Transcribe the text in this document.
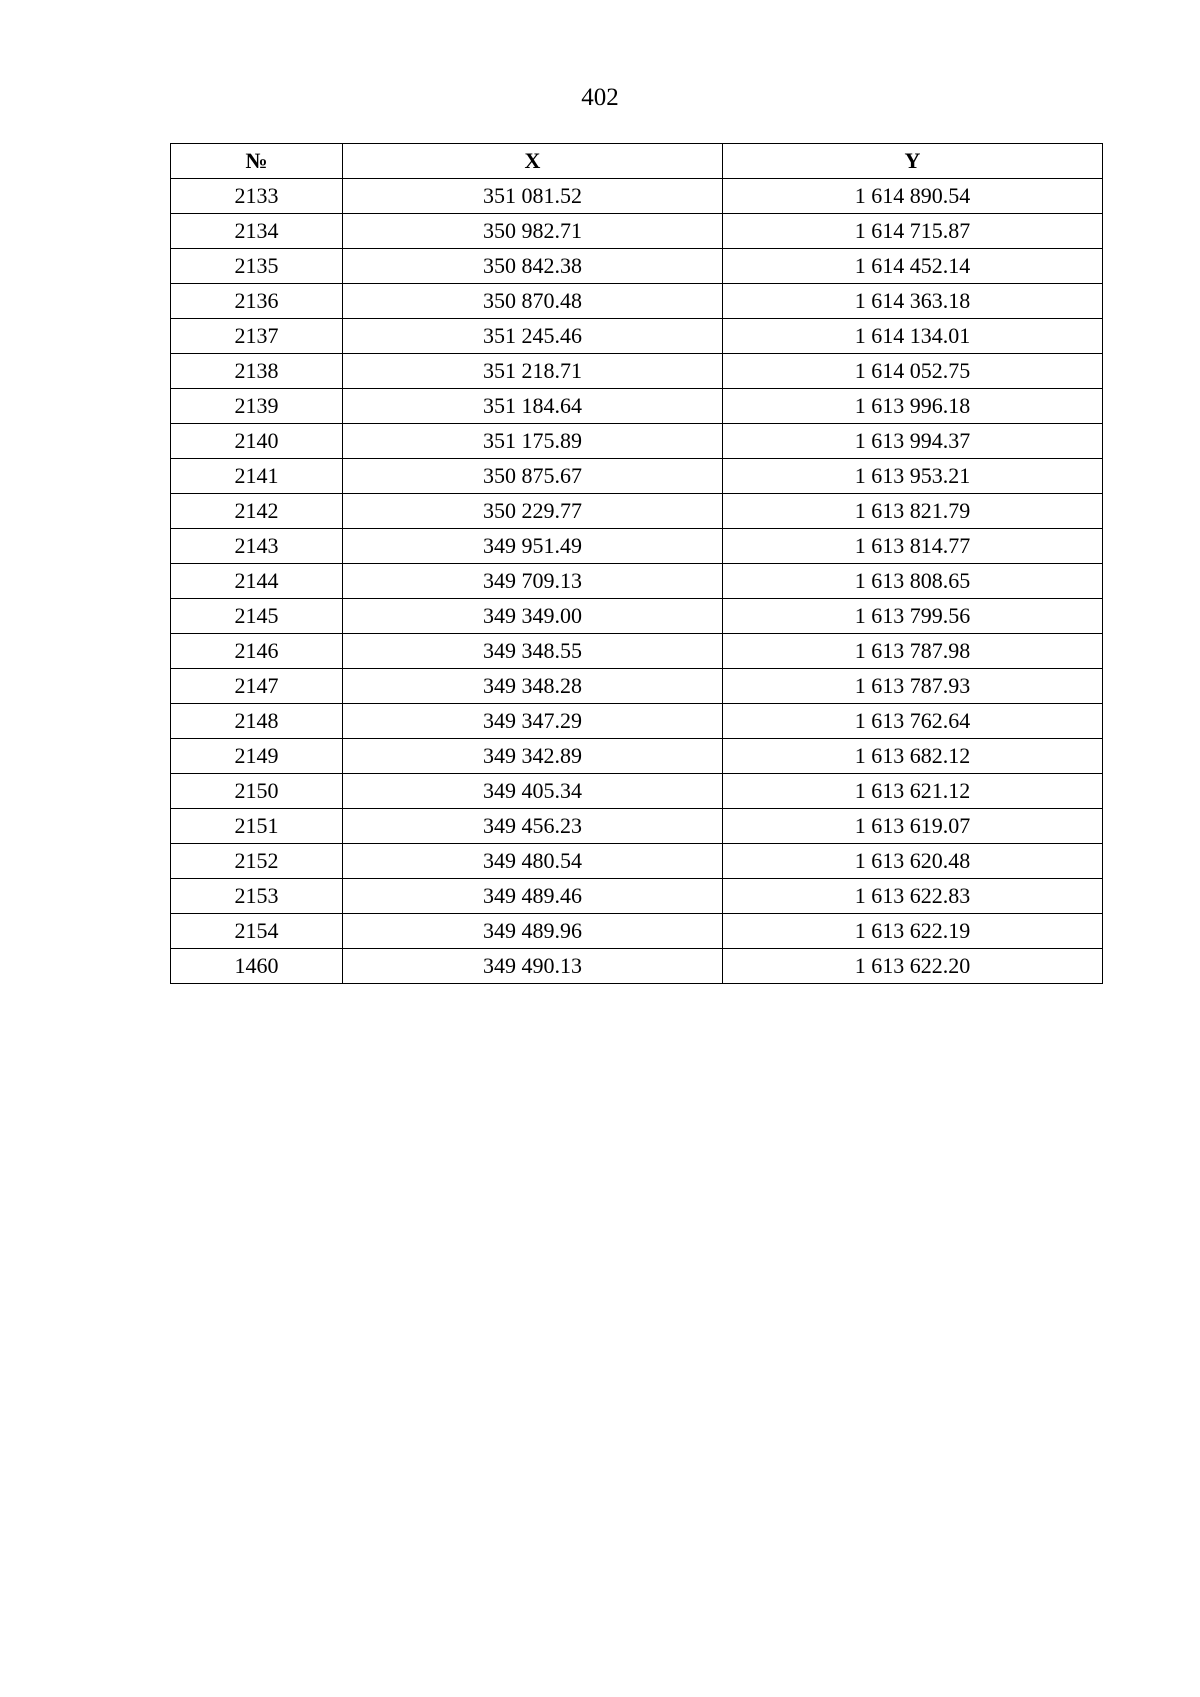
402
№	X	Y
2133	351 081.52	1 614 890.54
2134	350 982.71	1 614 715.87
2135	350 842.38	1 614 452.14
2136	350 870.48	1 614 363.18
2137	351 245.46	1 614 134.01
2138	351 218.71	1 614 052.75
2139	351 184.64	1 613 996.18
2140	351 175.89	1 613 994.37
2141	350 875.67	1 613 953.21
2142	350 229.77	1 613 821.79
2143	349 951.49	1 613 814.77
2144	349 709.13	1 613 808.65
2145	349 349.00	1 613 799.56
2146	349 348.55	1 613 787.98
2147	349 348.28	1 613 787.93
2148	349 347.29	1 613 762.64
2149	349 342.89	1 613 682.12
2150	349 405.34	1 613 621.12
2151	349 456.23	1 613 619.07
2152	349 480.54	1 613 620.48
2153	349 489.46	1 613 622.83
2154	349 489.96	1 613 622.19
1460	349 490.13	1 613 622.20
